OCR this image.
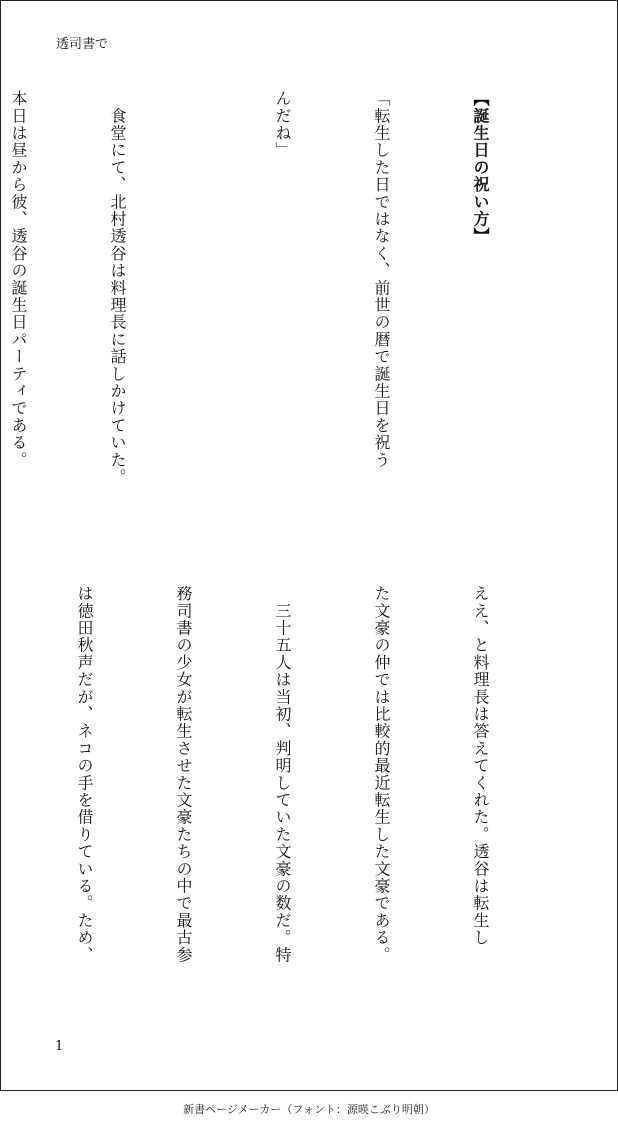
透司書で

【誕生日の祝い方】

「転生した日ではなく、前世の暦で誕生日を祝う

んだね」

　食堂にて、北村透谷は料理長に話しかけていた。

本日は昼から彼、透谷の誕生日パーティである。

ええ、と料理長は答えてくれた。透谷は転生し

た文豪の仲では比較的最近転生した文豪である。

　三十五人は当初、判明していた文豪の数だ。特

務司書の少女が転生させた文豪たちの中で最古参

は徳田秋声だが、ネコの手を借りている。ため、

1
新書ページメーカー（フォント：源暎こぶり明朝）
